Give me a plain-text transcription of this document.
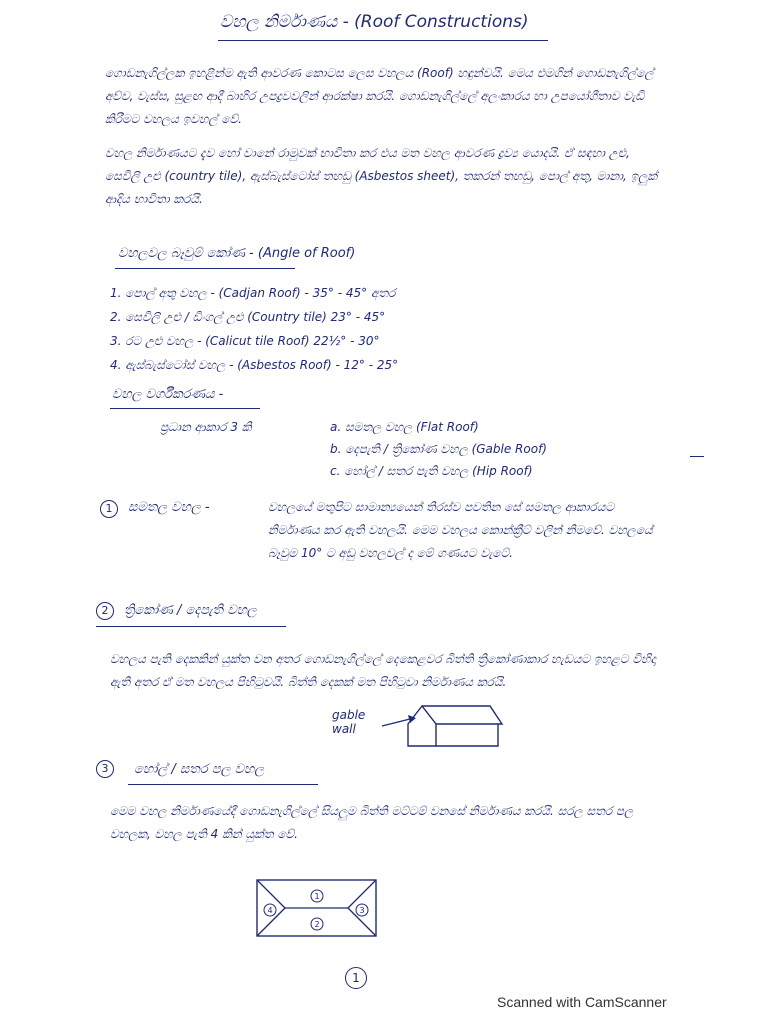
වහල නිර්මාණය - (Roof Constructions)
ගොඩනැගිල්ලක ඉහළින්ම ඇති ආවරණ කොටස ලෙස වහලය (Roof) හඳුන්වයි. මෙය එමගින් ගොඩනැගිල්ලේ අව්ව, වැස්ස, සුළඟ ආදී බාහිර උපද්‍රවවලින් ආරක්ෂා කරයි. ගොඩනැගිල්ලේ අලංකාරය හා උපයෝගීතාව වැඩි කිරීමට වහලය ඉවහල් වේ.
වහල නිර්මාණයට දැව හෝ වානේ රාමුවක් භාවිතා කර එය මත වහල ආවරණ ද්‍රව්‍ය යොදයි. ඒ සඳහා උළු, සෙවිලි උළු (country tile), ඇස්බැස්ටෝස් තහඩු (Asbestos sheet), තකරන් තහඩු, පොල් අතු, මානා, ඉලුක් ආදිය භාවිතා කරයි.
වහලවල බෑවුම් කෝණ - (Angle of Roof)
1. පොල් අතු වහල - (Cadjan Roof) - 35° - 45° අතර
2. සෙවිලි උළු / ඩිංගල් උළු (Country tile) 23° - 45°
3. රට උළු වහල - (Calicut tile Roof) 22½° - 30°
4. ඇස්බැස්ටෝස් වහල - (Asbestos Roof) - 12° - 25°
වහල වර්ගීකරණය -
ප්‍රධාන ආකාර 3 කි	a. සමතල වහල (Flat Roof)
b. දෙපැති / ත්‍රිකෝණ වහල (Gable Roof)
c. හෝල් / සතර පැති වහල (Hip Roof)
1	සමතල වහල -	වහලයේ මතුපිට සාමාන්‍යයෙන් තිරස්ව පවතින සේ සමතල ආකාරයට නිර්මාණය කර ඇති වහලයි. මෙම වහලය කොන්ක්‍රීට් වලින් නිමවේ. වහලයේ බෑවුම 10° ට අඩු වහලවල් ද මේ ගණයට වැටේ.
2	ත්‍රිකෝණ / දෙපැති වහල
වහලය පැති දෙකකින් යුක්ත වන අතර ගොඩනැගිල්ලේ දෙකෙළවර බිත්ති ත්‍රිකෝණාකාර හැඩයට ඉහළට විහිදා ඇති අතර ඒ මත වහලය පිහිටුවයි. බිත්ති දෙකක් මත පිහිටුවා නිර්මාණය කරයි.
gable wall
3	හෝල් / සතර පල වහල
මෙම වහල නිර්මාණයේදී ගොඩනැගිල්ලේ සියලුම බිත්ති මට්ටම් වනසේ නිර්මාණය කරයි. සරල සතර පල වහලක, වහල පැති 4 කින් යුක්ත වේ.
1
2
3
4
1
Scanned with CamScanner
